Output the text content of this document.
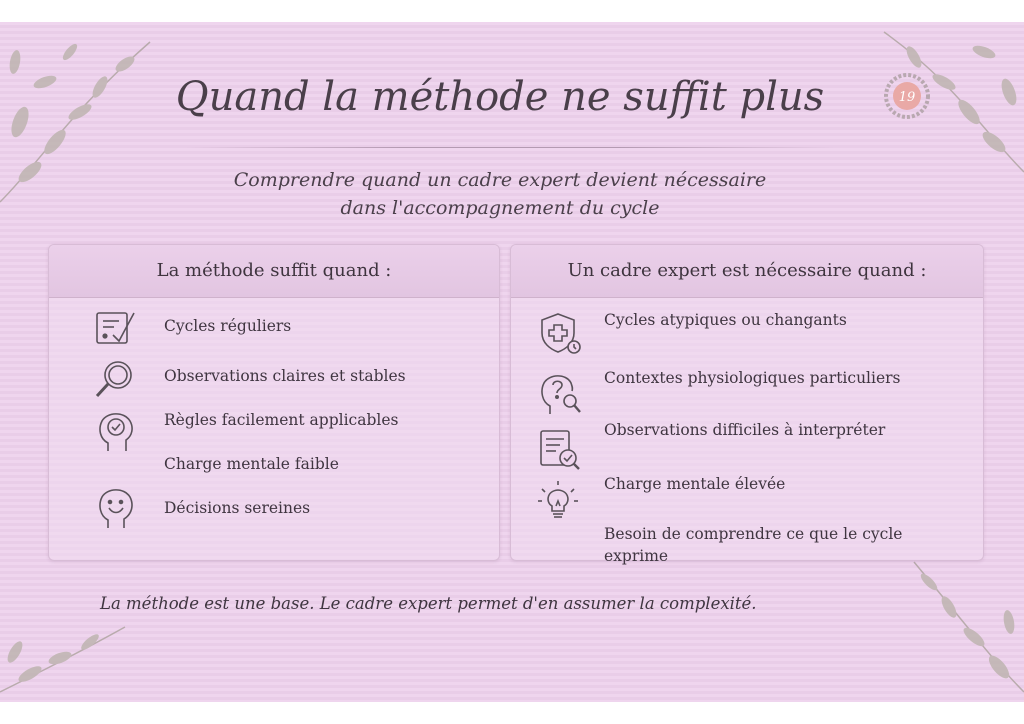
19
Quand la méthode ne suffit plus
Comprendre quand un cadre expert devient nécessaire
dans l'accompagnement du cycle
La méthode suffit quand :
Cycles réguliers
Observations claires et stables
Règles facilement applicables
Charge mentale faible
Décisions sereines
Un cadre expert est nécessaire quand :
Cycles atypiques ou changants
Contextes physiologiques particuliers
Observations difficiles à interpréter
Charge mentale élevée
Besoin de comprendre ce que le cycle
exprime
La méthode est une base. Le cadre expert permet d'en assumer la complexité.
